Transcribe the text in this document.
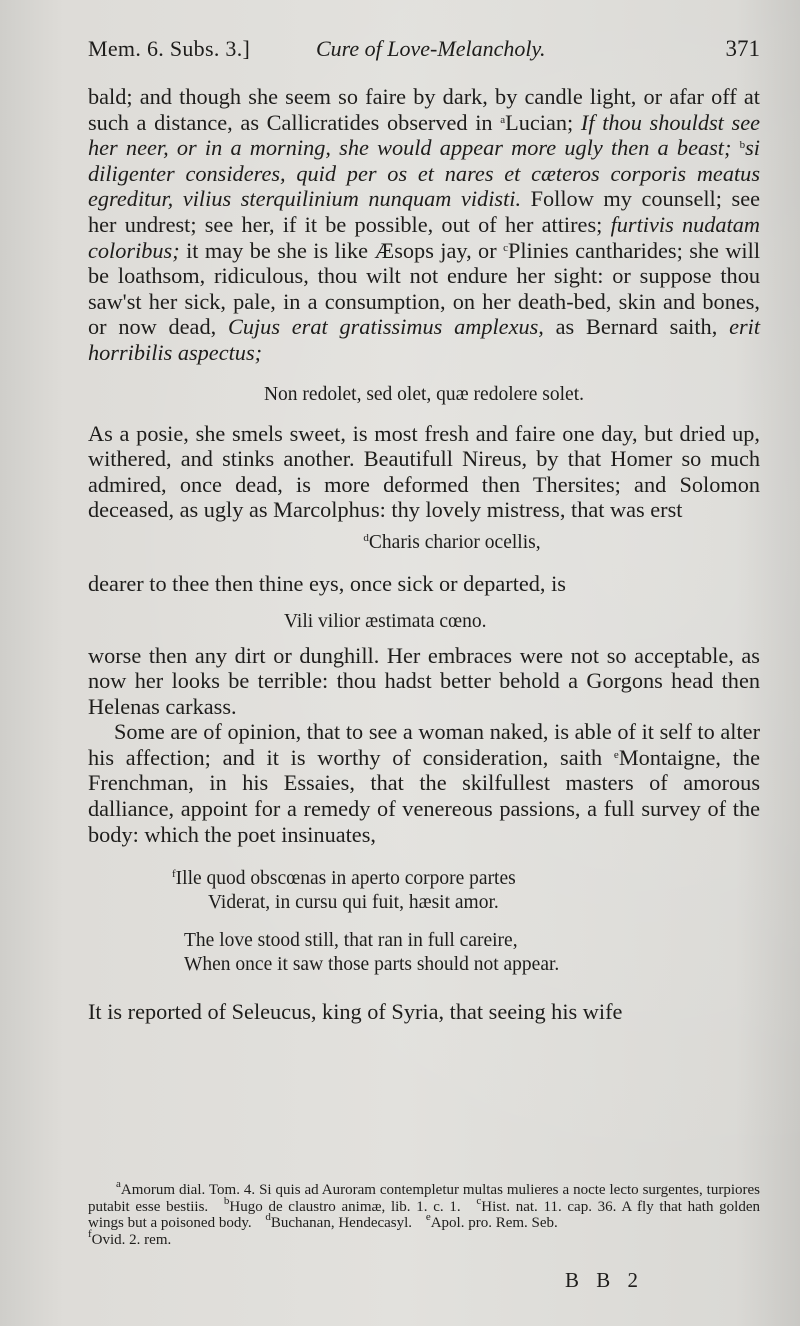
Mem. 6. Subs. 3.]	Cure of Love-Melancholy.	371

bald; and though she seem so faire by dark, by candle light, or afar off at such a distance, as Callicratides observed in $^a$Lucian; If thou shouldst see her neer, or in a morning, she would appear more ugly then a beast; $^b$si diligenter consideres, quid per os et nares et cæteros corporis meatus egreditur, vilius sterquilinium nunquam vidisti. Follow my counsell; see her undrest; see her, if it be possible, out of her attires; furtivis nudatam coloribus; it may be she is like Æsops jay, or $^c$Plinies cantharides; she will be loathsom, ridiculous, thou wilt not endure her sight: or suppose thou saw'st her sick, pale, in a consumption, on her death-bed, skin and bones, or now dead, Cujus erat gratissimus amplexus, as Bernard saith, erit horribilis aspectus;

Non redolet, sed olet, quæ redolere solet.

As a posie, she smels sweet, is most fresh and faire one day, but dried up, withered, and stinks another. Beautifull Nireus, by that Homer so much admired, once dead, is more deformed then Thersites; and Solomon deceased, as ugly as Marcolphus: thy lovely mistress, that was erst

$^d$Charis charior ocellis,

dearer to thee then thine eys, once sick or departed, is

Vili vilior æstimata cœno.

worse then any dirt or dunghill. Her embraces were not so acceptable, as now her looks be terrible: thou hadst better behold a Gorgons head then Helenas carkass.

Some are of opinion, that to see a woman naked, is able of it self to alter his affection; and it is worthy of consideration, saith $^e$Montaigne, the Frenchman, in his Essaies, that the skilfullest masters of amorous dalliance, appoint for a remedy of venereous passions, a full survey of the body: which the poet insinuates,

$^f$Ille quod obscœnas in aperto corpore partes
Viderat, in cursu qui fuit, hæsit amor.
The love stood still, that ran in full careire,
When once it saw those parts should not appear.

It is reported of Seleucus, king of Syria, that seeing his wife

$^a$Amorum dial. Tom. 4. Si quis ad Auroram contempletur multas mulieres a nocte lecto surgentes, turpiores putabit esse bestiis. $^b$Hugo de claustro animæ, lib. 1. c. 1. $^c$Hist. nat. 11. cap. 36. A fly that hath golden wings but a poisoned body. $^d$Buchanan, Hendecasyl. $^e$Apol. pro. Rem. Seb.
$^f$Ovid. 2. rem.
B B 2
